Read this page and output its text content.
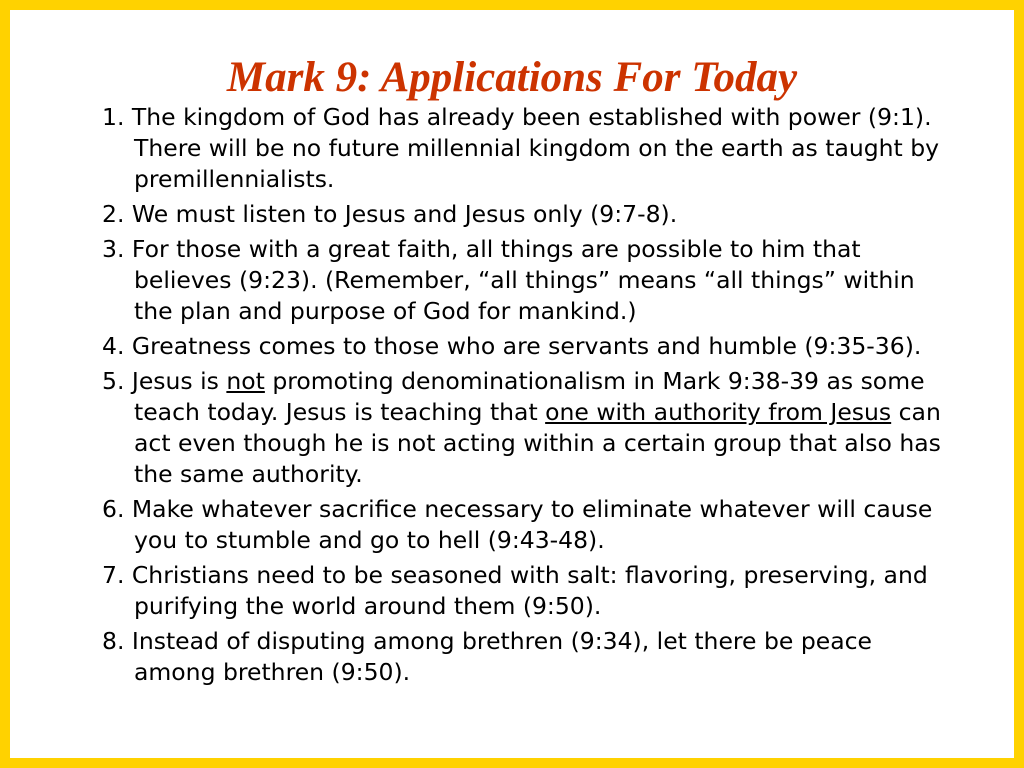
Mark 9: Applications For Today
1. The kingdom of God has already been established with power (9:1). There will be no future millennial kingdom on the earth as taught by premillennialists.
2. We must listen to Jesus and Jesus only (9:7-8).
3. For those with a great faith, all things are possible to him that believes (9:23). (Remember, “all things” means “all things” within the plan and purpose of God for mankind.)
4. Greatness comes to those who are servants and humble (9:35-36).
5. Jesus is not promoting denominationalism in Mark 9:38-39 as some teach today. Jesus is teaching that one with authority from Jesus can act even though he is not acting within a certain group that also has the same authority.
6. Make whatever sacrifice necessary to eliminate whatever will cause you to stumble and go to hell (9:43-48).
7. Christians need to be seasoned with salt: flavoring, preserving, and purifying the world around them (9:50).
8. Instead of disputing among brethren (9:34), let there be peace among brethren (9:50).
